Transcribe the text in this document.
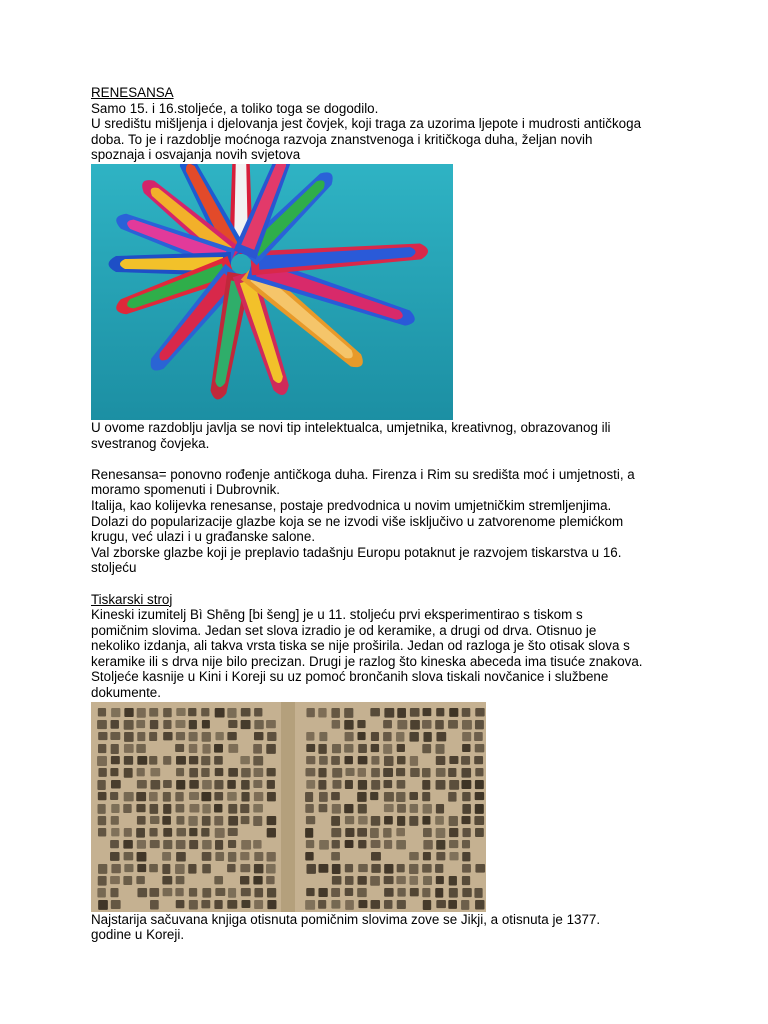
RENESANSA

Samo 15. i 16.stoljeće, a toliko toga se dogodilo.

U središtu mišljenja i djelovanja jest čovjek, koji traga za uzorima ljepote i mudrosti antičkoga

doba. To je i razdoblje moćnoga razvoja znanstvenoga i kritičkoga duha, željan novih

spoznaja i osvajanja novih svjetova

U ovome razdoblju javlja se novi tip intelektualca, umjetnika, kreativnog, obrazovanog ili

svestranog čovjeka.

Renesansa= ponovno rođenje antičkoga duha. Firenza i Rim su središta moć i umjetnosti, a

moramo spomenuti i Dubrovnik.

Italija, kao kolijevka renesanse, postaje predvodnica u novim umjetničkim stremljenjima.

Dolazi do popularizacije glazbe koja se ne izvodi više isključivo u zatvorenome plemićkom

krugu, već ulazi i u građanske salone.

Val zborske glazbe koji je preplavio tadašnju Europu potaknut je razvojem tiskarstva u 16.

stoljeću

Tiskarski stroj

Kineski izumitelj Bì Shēng [bi šeng] je u 11. stoljeću prvi eksperimentirao s tiskom s

pomičnim slovima. Jedan set slova izradio je od keramike, a drugi od drva. Otisnuo je

nekoliko izdanja, ali takva vrsta tiska se nije proširila. Jedan od razloga je što otisak slova s

keramike ili s drva nije bilo precizan. Drugi je razlog što kineska abeceda ima tisuće znakova.

Stoljeće kasnije u Kini i Koreji su uz pomoć brončanih slova tiskali novčanice i službene

dokumente.

Najstarija sačuvana knjiga otisnuta pomičnim slovima zove se Jikji, a otisnuta je 1377.

godine u Koreji.
